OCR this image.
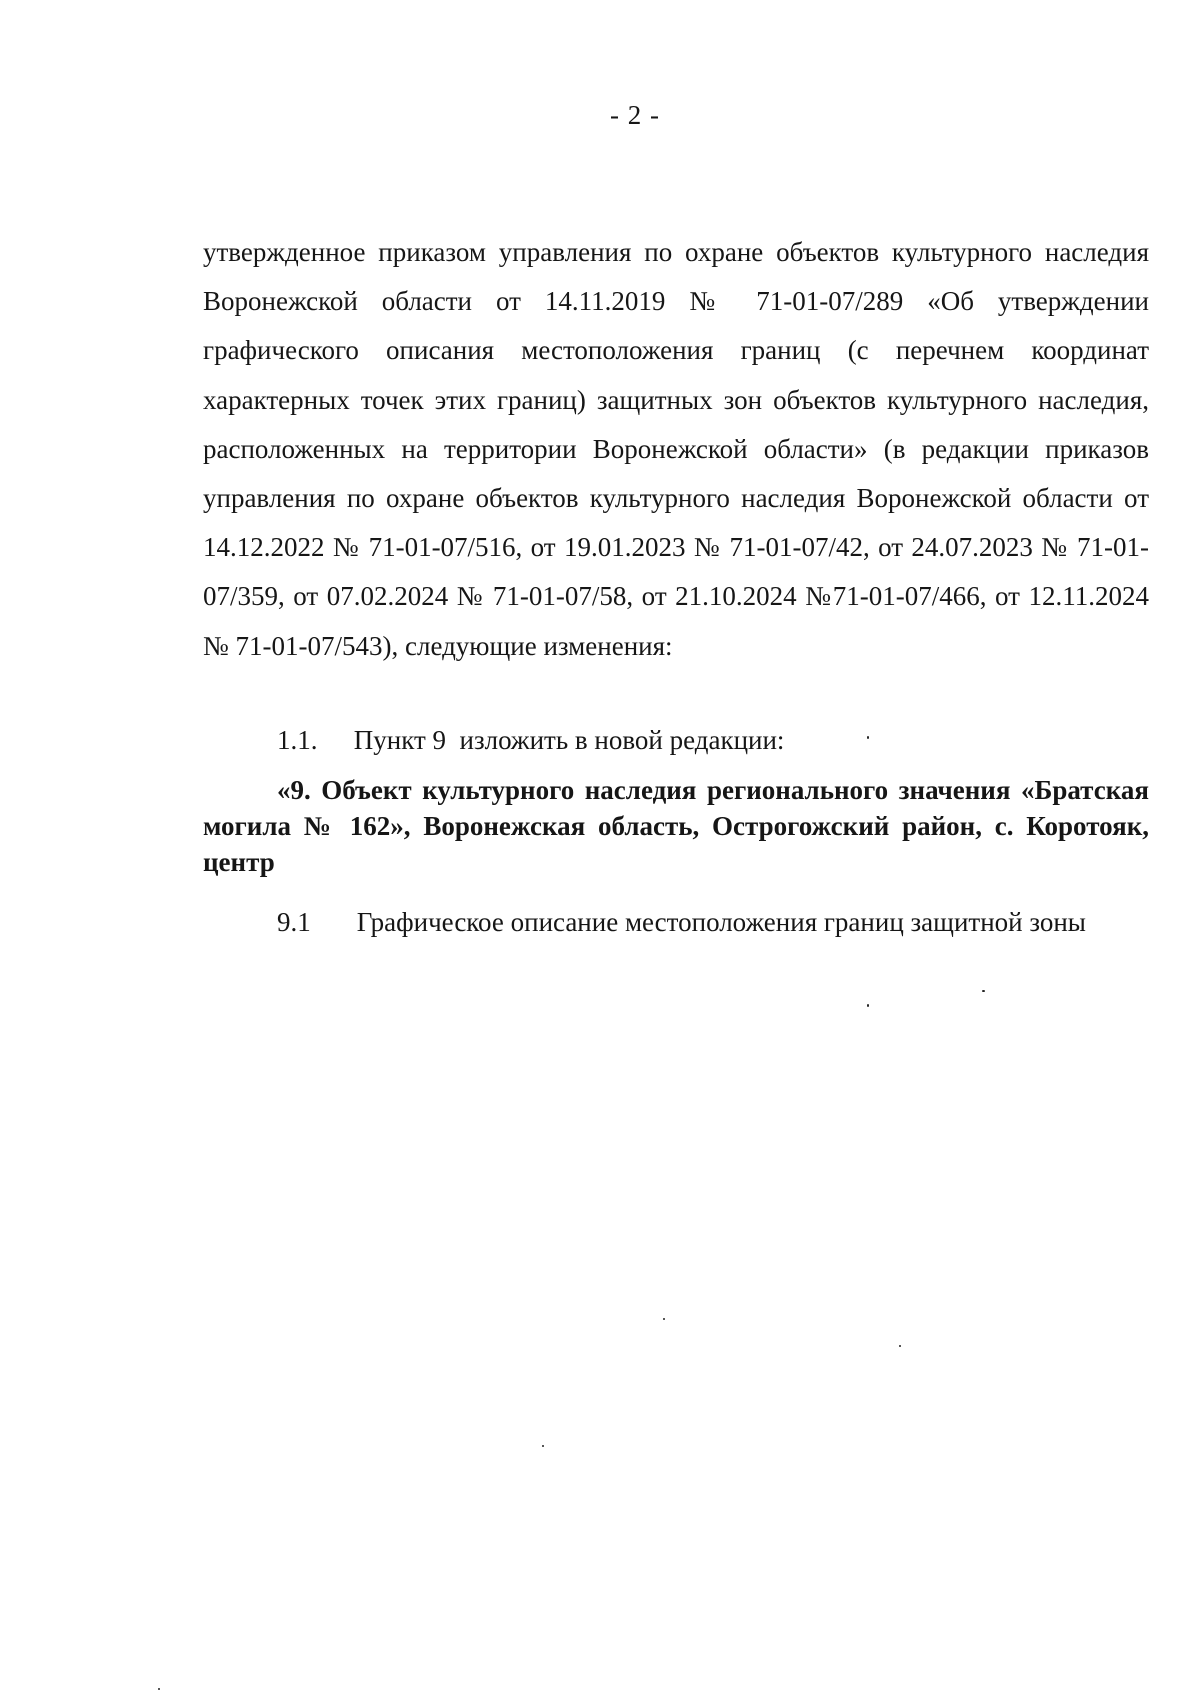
- 2 -
утвержденное приказом управления по охране объектов культурного наследия Воронежской области от 14.11.2019 № 71-01-07/289 «Об утверждении графического описания местоположения границ (с перечнем координат характерных точек этих границ) защитных зон объектов культурного наследия, расположенных на территории Воронежской области» (в редакции приказов управления по охране объектов культурного наследия Воронежской области от 14.12.2022 № 71-01-07/516, от 19.01.2023 № 71-01-07/42, от 24.07.2023 № 71-01-07/359, от 07.02.2024 № 71-01-07/58, от 21.10.2024 №71-01-07/466, от 12.11.2024 № 71-01-07/543), следующие изменения:
1.1. Пункт 9  изложить в новой редакции:
«9. Объект культурного наследия регионального значения «Братская могила № 162», Воронежская область, Острогожский район, с. Коротояк, центр
9.1 Графическое описание местоположения границ защитной зоны
